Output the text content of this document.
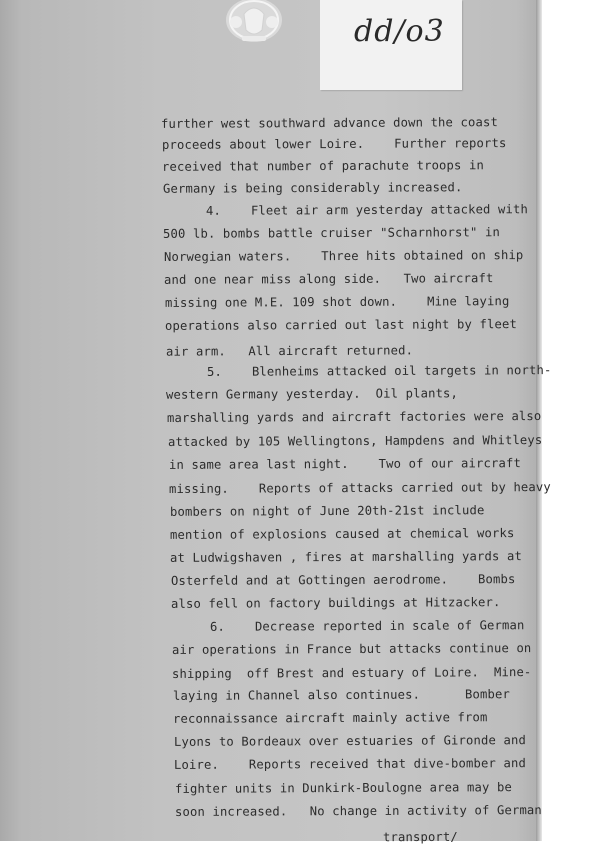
dd/o3
further west southward advance down the coast
proceeds about lower Loire.    Further reports
received that number of parachute troops in
Germany is being considerably increased.
4.    Fleet air arm yesterday attacked with
500 lb. bombs battle cruiser "Scharnhorst" in
Norwegian waters.    Three hits obtained on ship
and one near miss along side.   Two aircraft
missing one M.E. 109 shot down.    Mine laying
operations also carried out last night by fleet
air arm.   All aircraft returned.
5.    Blenheims attacked oil targets in north-
western Germany yesterday.  Oil plants,
marshalling yards and aircraft factories were also
attacked by 105 Wellingtons, Hampdens and Whitleys
in same area last night.    Two of our aircraft
missing.    Reports of attacks carried out by heavy
bombers on night of June 20th-21st include
mention of explosions caused at chemical works
at Ludwigshaven , fires at marshalling yards at
Osterfeld and at Gottingen aerodrome.    Bombs
also fell on factory buildings at Hitzacker.
6.    Decrease reported in scale of German
air operations in France but attacks continue on
shipping  off Brest and estuary of Loire.  Mine-
laying in Channel also continues.      Bomber
reconnaissance aircraft mainly active from
Lyons to Bordeaux over estuaries of Gironde and
Loire.    Reports received that dive-bomber and
fighter units in Dunkirk-Boulogne area may be
soon increased.   No change in activity of German
transport/
